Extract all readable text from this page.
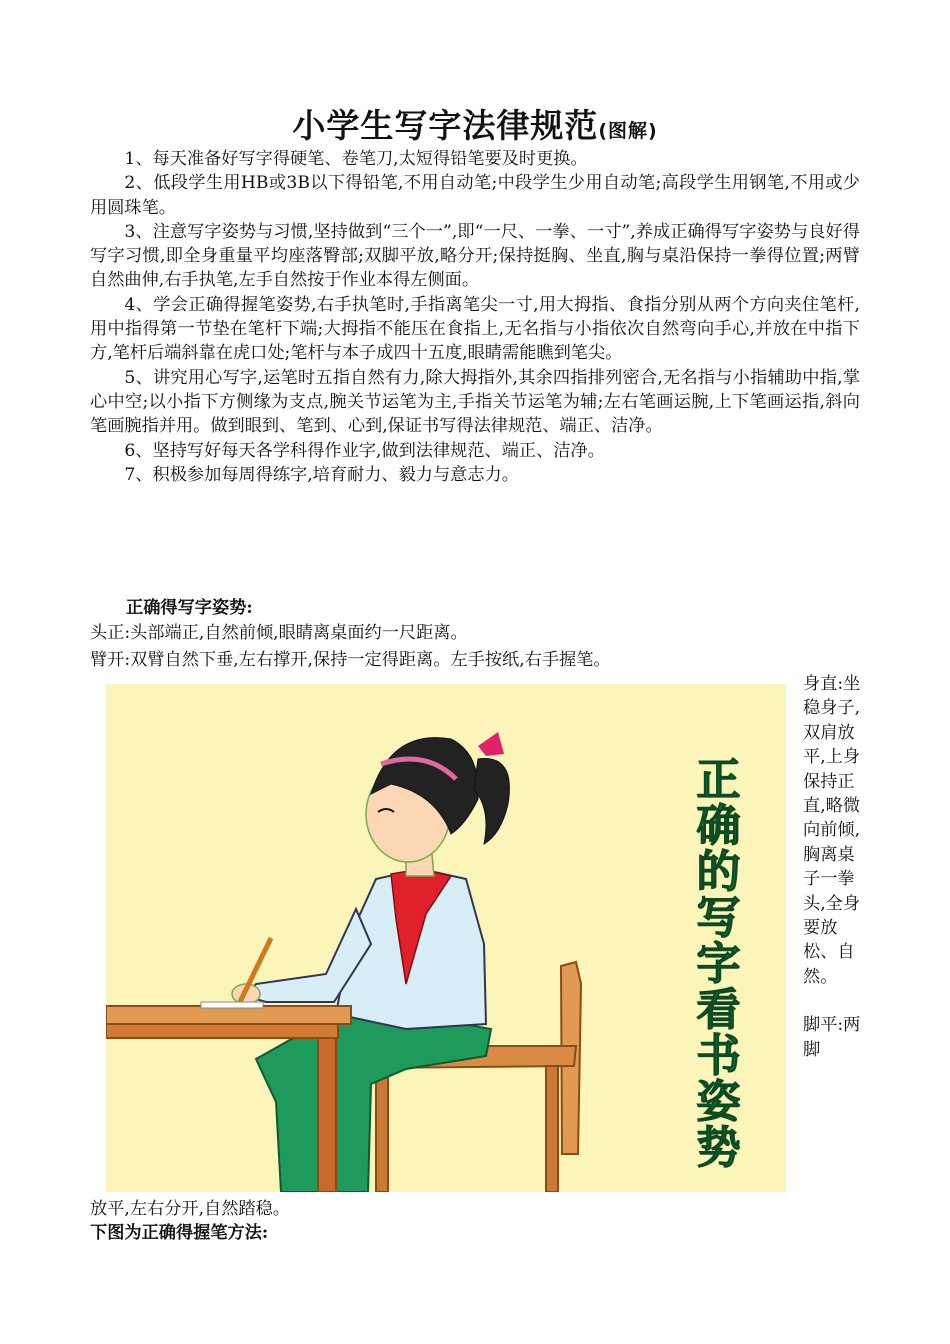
小学生写字法律规范(图解)

1、每天准备好写字得硬笔、卷笔刀,太短得铅笔要及时更换。

2、低段学生用HB或3B以下得铅笔,不用自动笔;中段学生少用自动笔;高段学生用钢笔,不用或少用圆珠笔。

3、注意写字姿势与习惯,坚持做到“三个一”,即“一尺、一拳、一寸”,养成正确得写字姿势与良好得写字习惯,即全身重量平均座落臀部;双脚平放,略分开;保持挺胸、坐直,胸与桌沿保持一拳得位置;两臂自然曲伸,右手执笔,左手自然按于作业本得左侧面。

4、学会正确得握笔姿势,右手执笔时,手指离笔尖一寸,用大拇指、食指分别从两个方向夹住笔杆,用中指得第一节垫在笔杆下端;大拇指不能压在食指上,无名指与小指依次自然弯向手心,并放在中指下方,笔杆后端斜靠在虎口处;笔杆与本子成四十五度,眼睛需能瞧到笔尖。

5、讲究用心写字,运笔时五指自然有力,除大拇指外,其余四指排列密合,无名指与小指辅助中指,掌心中空;以小指下方侧缘为支点,腕关节运笔为主,手指关节运笔为辅;左右笔画运腕,上下笔画运指,斜向笔画腕指并用。做到眼到、笔到、心到,保证书写得法律规范、端正、洁净。

6、坚持写好每天各学科得作业字,做到法律规范、端正、洁净。

7、积极参加每周得练字,培育耐力、毅力与意志力。

正确得写字姿势:
头正:头部端正,自然前倾,眼睛离桌面约一尺距离。
臂开:双臂自然下垂,左右撑开,保持一定得距离。左手按纸,右手握笔。
正确的写字看书姿势

身直:坐稳身子,双肩放平,上身保持正直,略微向前倾,胸离桌子一拳头,全身要放松、自然。

脚平:两脚

放平,左右分开,自然踏稳。
下图为正确得握笔方法:
